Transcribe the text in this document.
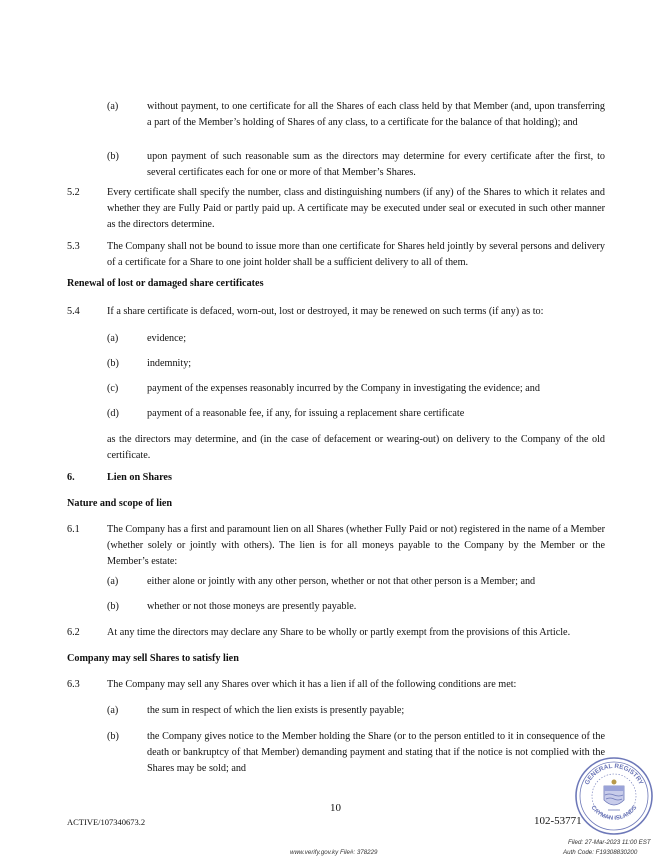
(a)	without payment, to one certificate for all the Shares of each class held by that Member (and, upon transferring a part of the Member’s holding of Shares of any class, to a certificate for the balance of that holding); and
(b)	upon payment of such reasonable sum as the directors may determine for every certificate after the first, to several certificates each for one or more of that Member’s Shares.
5.2	Every certificate shall specify the number, class and distinguishing numbers (if any) of the Shares to which it relates and whether they are Fully Paid or partly paid up. A certificate may be executed under seal or executed in such other manner as the directors determine.
5.3	The Company shall not be bound to issue more than one certificate for Shares held jointly by several persons and delivery of a certificate for a Share to one joint holder shall be a sufficient delivery to all of them.
Renewal of lost or damaged share certificates
5.4	If a share certificate is defaced, worn-out, lost or destroyed, it may be renewed on such terms (if any) as to:
(a)	evidence;
(b)	indemnity;
(c)	payment of the expenses reasonably incurred by the Company in investigating the evidence; and
(d)	payment of a reasonable fee, if any, for issuing a replacement share certificate
as the directors may determine, and (in the case of defacement or wearing-out) on delivery to the Company of the old certificate.
6.	Lien on Shares
Nature and scope of lien
6.1	The Company has a first and paramount lien on all Shares (whether Fully Paid or not) registered in the name of a Member (whether solely or jointly with others). The lien is for all moneys payable to the Company by the Member or the Member’s estate:
(a)	either alone or jointly with any other person, whether or not that other person is a Member; and
(b)	whether or not those moneys are presently payable.
6.2	At any time the directors may declare any Share to be wholly or partly exempt from the provisions of this Article.
Company may sell Shares to satisfy lien
6.3	The Company may sell any Shares over which it has a lien if all of the following conditions are met:
(a)	the sum in respect of which the lien exists is presently payable;
(b)	the Company gives notice to the Member holding the Share (or to the person entitled to it in consequence of the death or bankruptcy of that Member) demanding payment and stating that if the notice is not complied with the Shares may be sold; and
10
ACTIVE/107340673.2	102-53771
GENERAL REGISTRY
CAYMAN ISLANDS
Filed: 27-Mar-2023 11:00 EST
www.verify.gov.ky File#: 378229	Auth Code: F19308830200
